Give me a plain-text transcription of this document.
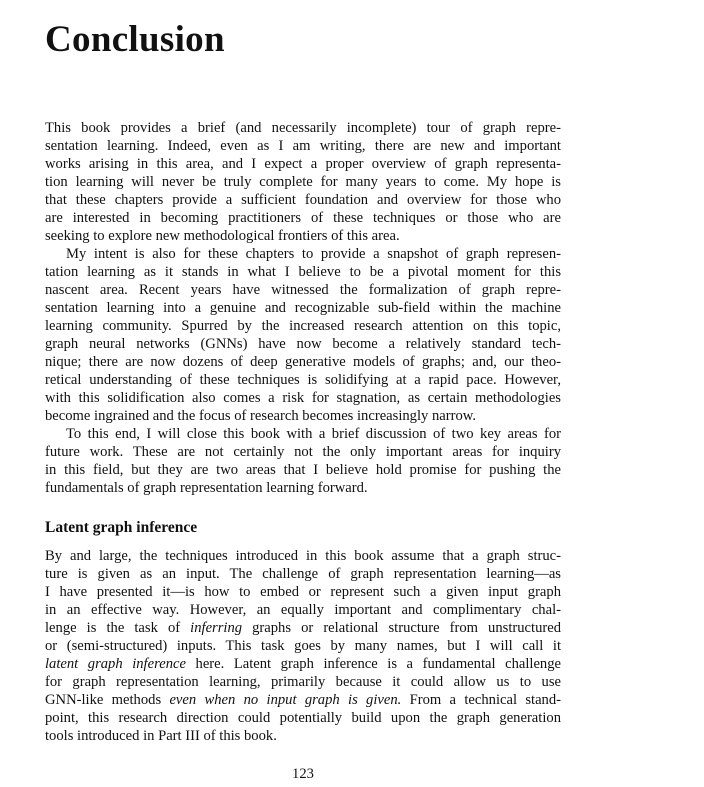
Conclusion
This book provides a brief (and necessarily incomplete) tour of graph repre-
sentation learning. Indeed, even as I am writing, there are new and important
works arising in this area, and I expect a proper overview of graph representa-
tion learning will never be truly complete for many years to come. My hope is
that these chapters provide a sufficient foundation and overview for those who
are interested in becoming practitioners of these techniques or those who are
seeking to explore new methodological frontiers of this area.
My intent is also for these chapters to provide a snapshot of graph represen-
tation learning as it stands in what I believe to be a pivotal moment for this
nascent area. Recent years have witnessed the formalization of graph repre-
sentation learning into a genuine and recognizable sub-field within the machine
learning community. Spurred by the increased research attention on this topic,
graph neural networks (GNNs) have now become a relatively standard tech-
nique; there are now dozens of deep generative models of graphs; and, our theo-
retical understanding of these techniques is solidifying at a rapid pace. However,
with this solidification also comes a risk for stagnation, as certain methodologies
become ingrained and the focus of research becomes increasingly narrow.
To this end, I will close this book with a brief discussion of two key areas for
future work. These are not certainly not the only important areas for inquiry
in this field, but they are two areas that I believe hold promise for pushing the
fundamentals of graph representation learning forward.
Latent graph inference
By and large, the techniques introduced in this book assume that a graph struc-
ture is given as an input. The challenge of graph representation learning—as
I have presented it—is how to embed or represent such a given input graph
in an effective way. However, an equally important and complimentary chal-
lenge is the task of inferring graphs or relational structure from unstructured
or (semi-structured) inputs. This task goes by many names, but I will call it
latent graph inference here. Latent graph inference is a fundamental challenge
for graph representation learning, primarily because it could allow us to use
GNN-like methods even when no input graph is given. From a technical stand-
point, this research direction could potentially build upon the graph generation
tools introduced in Part III of this book.
123
